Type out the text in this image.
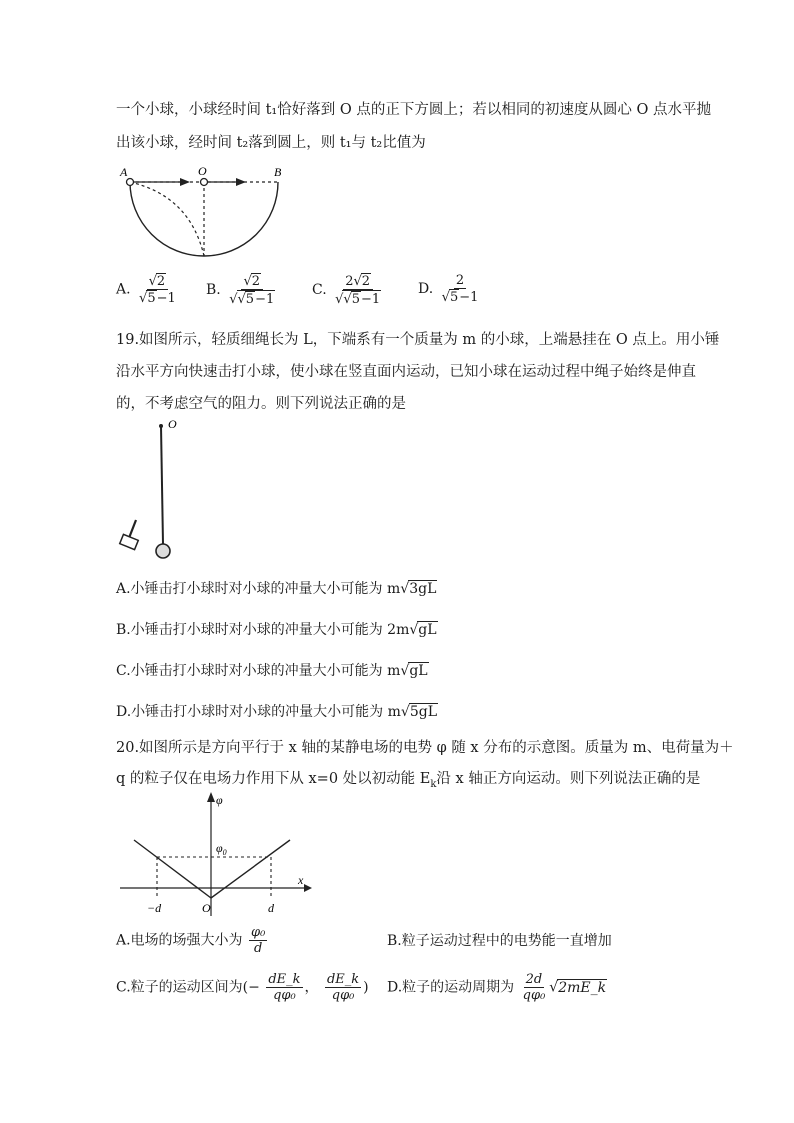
一个小球，小球经时间 t₁恰好落到 O 点的正下方圆上；若以相同的初速度从圆心 O 点水平抛
出该小球，经时间 t₂落到圆上，则 t₁与 t₂比值为
A	O	B
A. $\frac{√2}{√5-1} B$. $\frac{√2}{√√5-1} C$. $\frac{2√2}{√√5-1} D$. $\frac{2}{√5-1}$
19.如图所示，轻质细绳长为 L，下端系有一个质量为 m 的小球，上端悬挂在 O 点上。用小锤
沿水平方向快速击打小球，使小球在竖直面内运动，已知小球在运动过程中绳子始终是伸直
的，不考虑空气的阻力。则下列说法正确的是
O
A.小锤击打小球时对小球的冲量大小可能为 m√3gL
B.小锤击打小球时对小球的冲量大小可能为 2m√gL
C.小锤击打小球时对小球的冲量大小可能为 m√gL
D.小锤击打小球时对小球的冲量大小可能为 m√5gL
20.如图所示是方向平行于 x 轴的某静电场的电势 φ 随 x 分布的示意图。质量为 m、电荷量为＋
q 的粒子仅在电场力作用下从 x=0 处以初动能 $E_k$沿 x 轴正方向运动。则下列说法正确的是
φ
$\varphi_0$
x
−d	O	d
A.电场的场强大小为 $\frac{\text{φ₀}}{d}$	B.粒子运动过程中的电势能一直增加
C.粒子的运动区间为(− $\frac{dE\_k}{\text{qφ₀}}$ ， $\frac{dE\_k}{\text{qφ₀}}$ ) D.粒子的运动周期为 $\frac{2d}{\text{qφ₀}}$ √2mE_k
